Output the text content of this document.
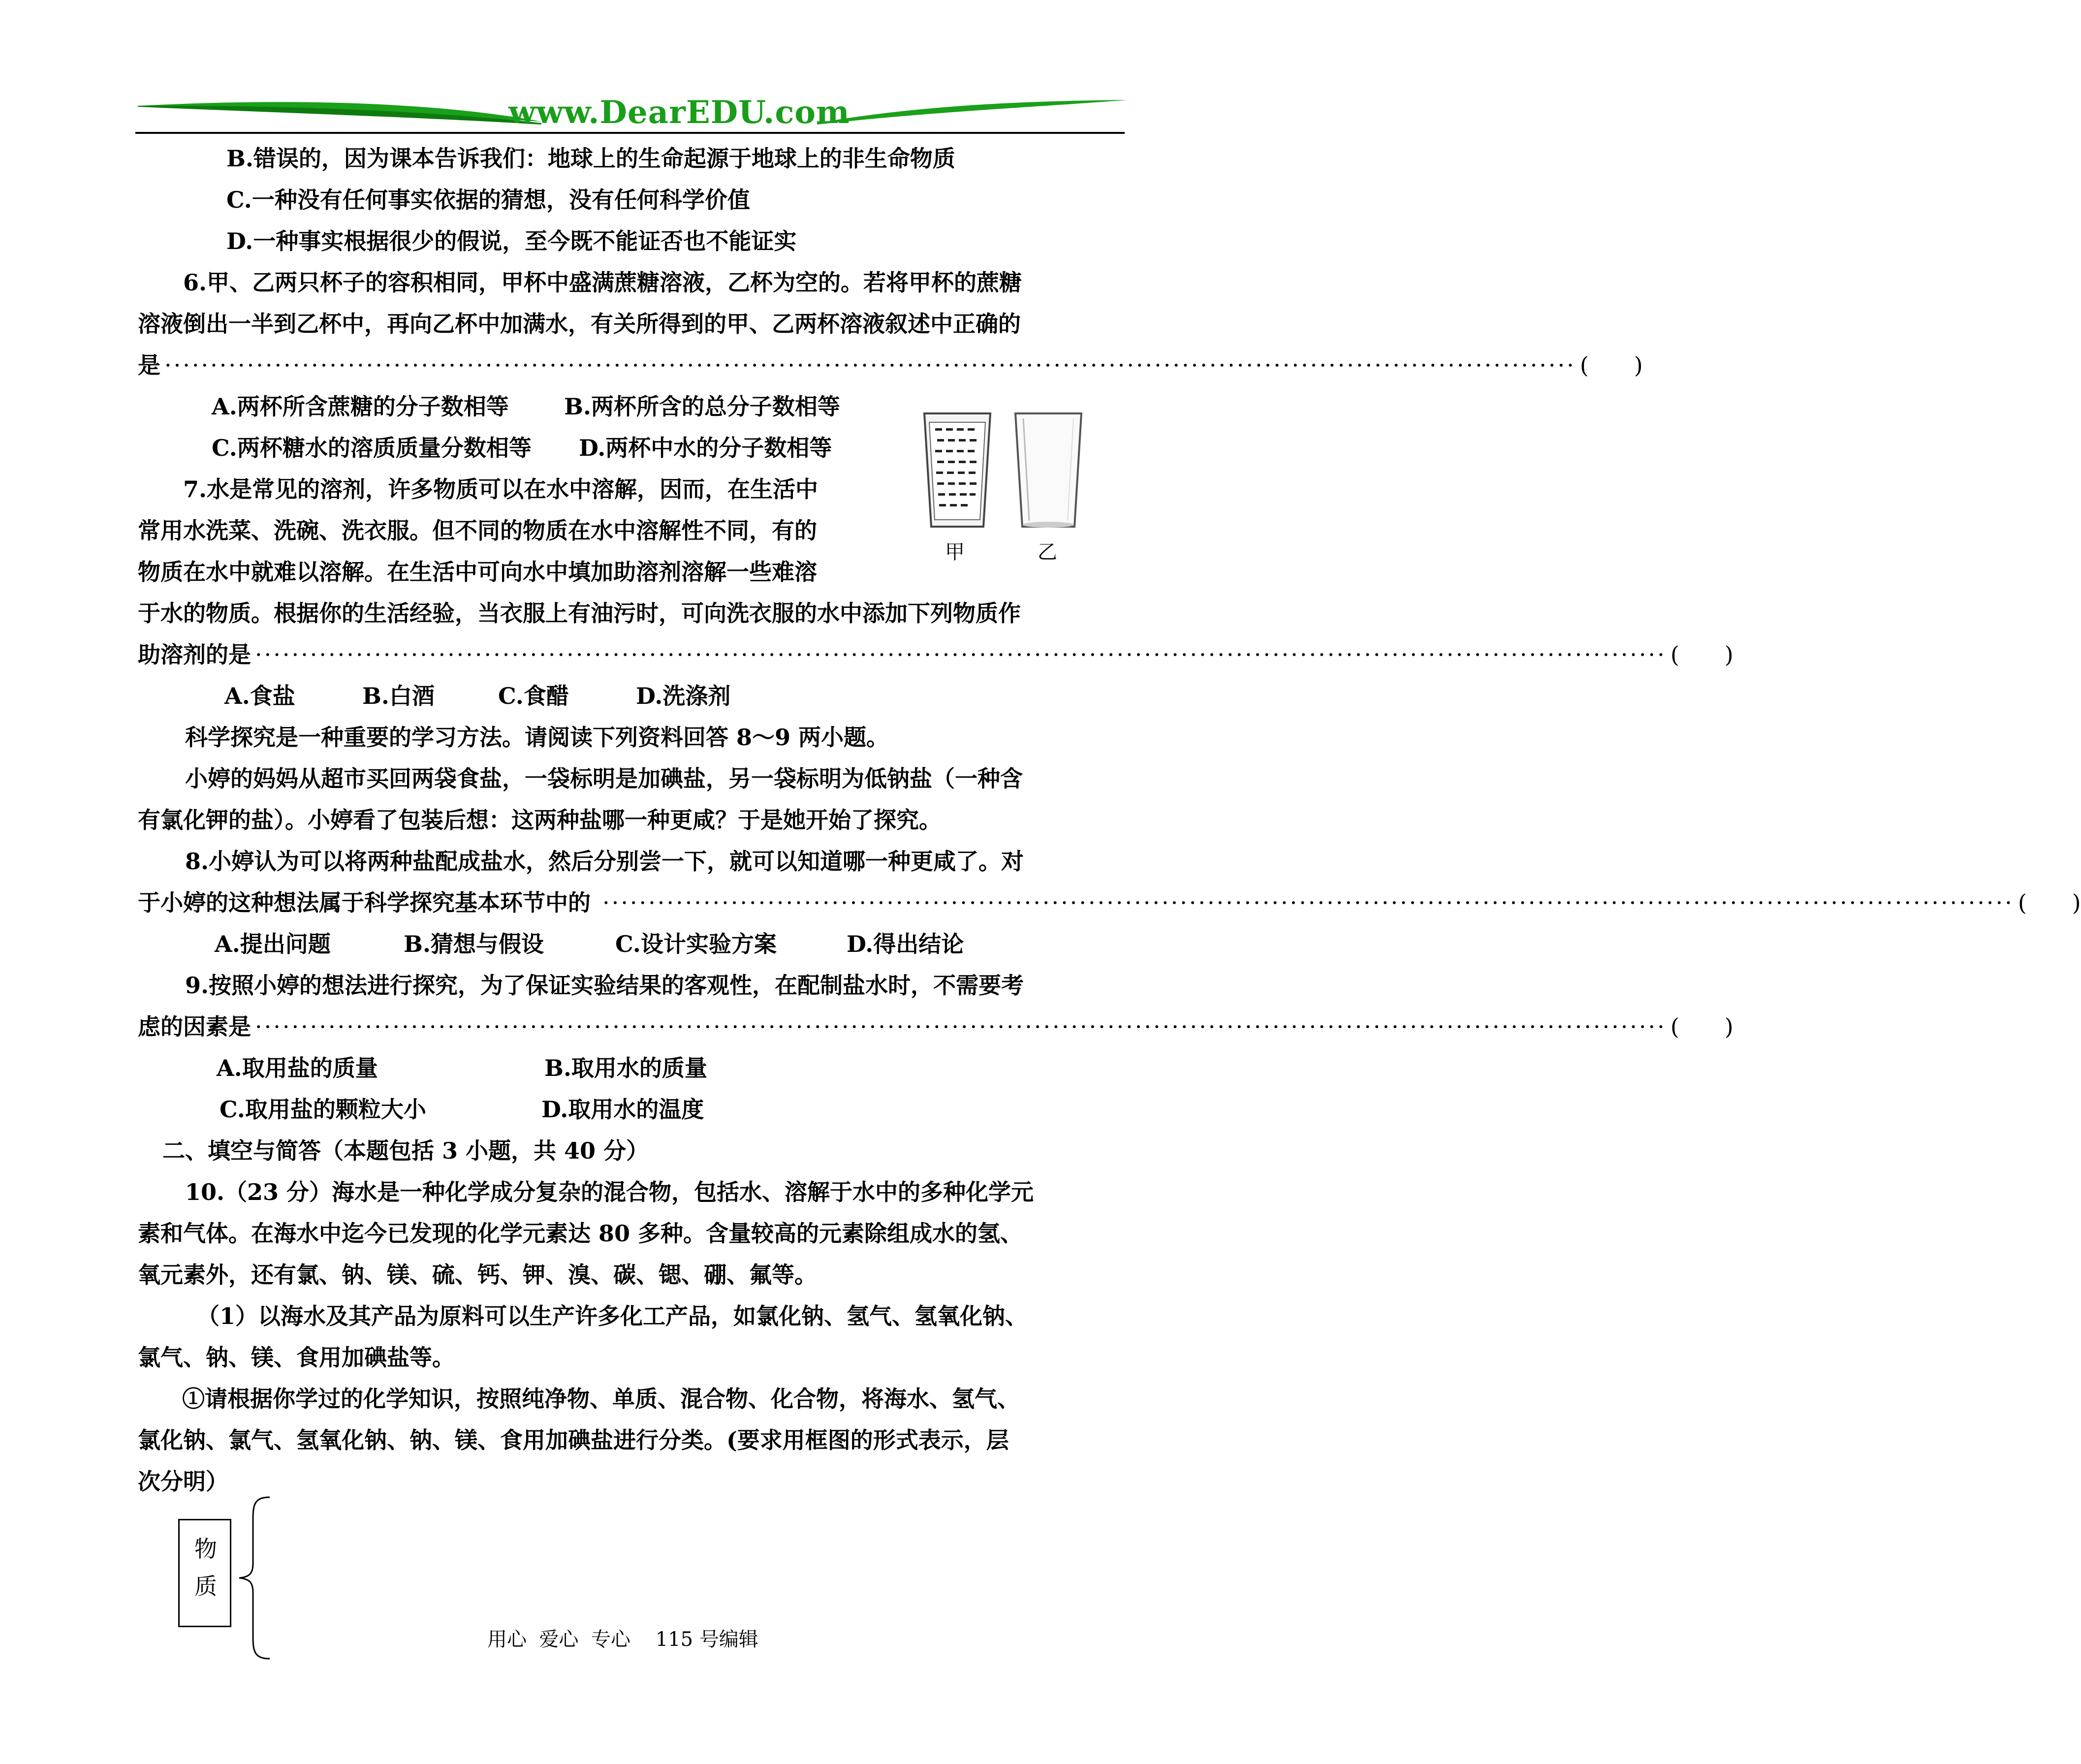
www.DearEDU.com
B.错误的，因为课本告诉我们：地球上的生命起源于地球上的非生命物质
C.一种没有任何事实依据的猜想，没有任何科学价值
D.一种事实根据很少的假说，至今既不能证否也不能证实
6.甲、乙两只杯子的容积相同，甲杯中盛满蔗糖溶液，乙杯为空的。若将甲杯的蔗糖
溶液倒出一半到乙杯中，再向乙杯中加满水，有关所得到的甲、乙两杯溶液叙述中正确的
是 ·························································································································································· (　　)
A.两杯所含蔗糖的分子数相等 B.两杯所含的总分子数相等
C.两杯糖水的溶质质量分数相等 D.两杯中水的分子数相等
甲	乙
7.水是常见的溶剂，许多物质可以在水中溶解，因而，在生活中
常用水洗菜、洗碗、洗衣服。但不同的物质在水中溶解性不同，有的
物质在水中就难以溶解。在生活中可向水中填加助溶剂溶解一些难溶
于水的物质。根据你的生活经验，当衣服上有油污时，可向洗衣服的水中添加下列物质作
助溶剂的是 ·························································································································································· (　　)
A.食盐	B.白酒	C.食醋	D.洗涤剂
科学探究是一种重要的学习方法。请阅读下列资料回答 8～9 两小题。
小婷的妈妈从超市买回两袋食盐，一袋标明是加碘盐，另一袋标明为低钠盐（一种含
有氯化钾的盐）。小婷看了包装后想：这两种盐哪一种更咸？于是她开始了探究。
8.小婷认为可以将两种盐配成盐水，然后分别尝一下，就可以知道哪一种更咸了。对
于小婷的这种想法属于科学探究基本环节中的 ·························································································································································· (　　)
A.提出问题	B.猜想与假设	C.设计实验方案	D.得出结论
9.按照小婷的想法进行探究，为了保证实验结果的客观性，在配制盐水时，不需要考
虑的因素是 ·························································································································································· (　　)
A.取用盐的质量	B.取用水的质量
C.取用盐的颗粒大小	D.取用水的温度
二、填空与简答（本题包括 3 小题，共 40 分）
10.（23 分）海水是一种化学成分复杂的混合物，包括水、溶解于水中的多种化学元
素和气体。在海水中迄今已发现的化学元素达 80 多种。含量较高的元素除组成水的氢、
氧元素外，还有氯、钠、镁、硫、钙、钾、溴、碳、锶、硼、氟等。
（1）以海水及其产品为原料可以生产许多化工产品，如氯化钠、氢气、氢氧化钠、
氯气、钠、镁、食用加碘盐等。
①请根据你学过的化学知识，按照纯净物、单质、混合物、化合物，将海水、氢气、
氯化钠、氯气、氢氧化钠、钠、镁、食用加碘盐进行分类。(要求用框图的形式表示，层
次分明）
物
质
用心  爱心  专心    115 号编辑
